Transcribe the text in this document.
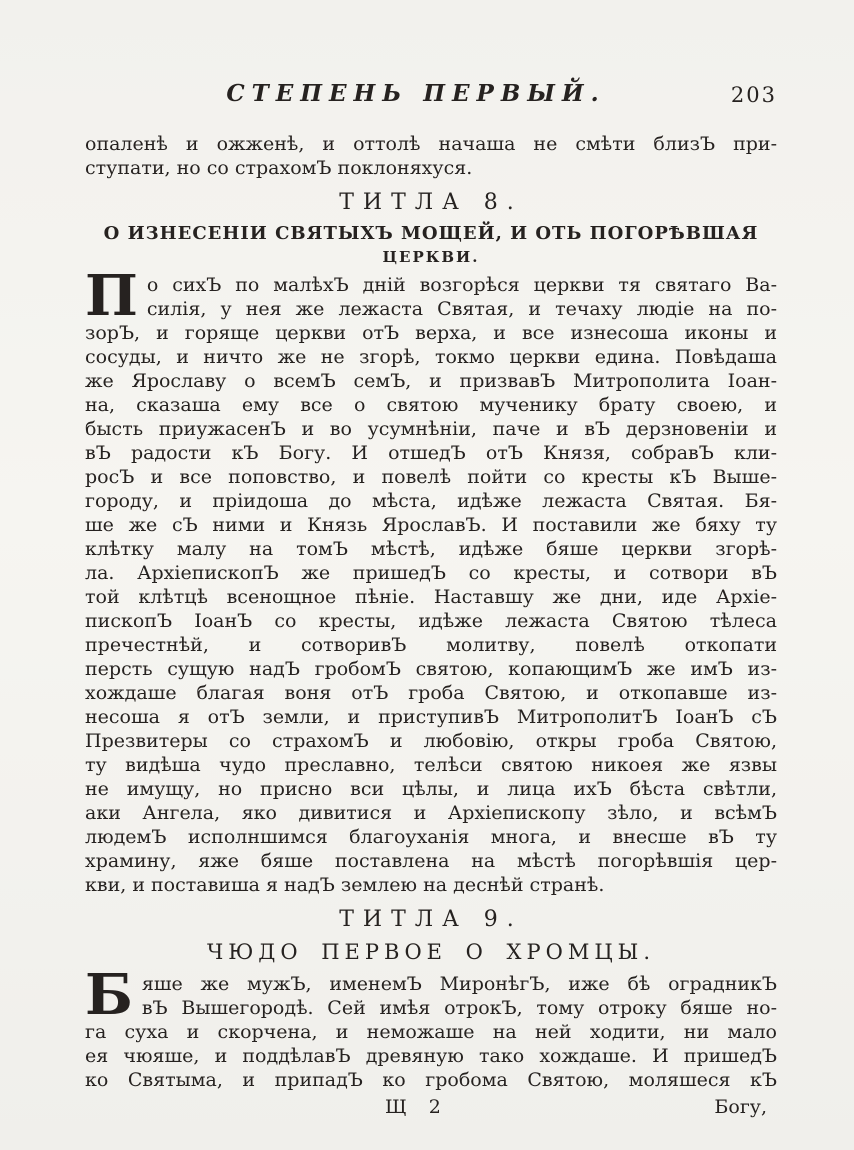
СТЕПЕНЬ ПЕРВЫЙ.	203
опаленѣ и ожженѣ, и оттолѣ начаша не смѣти близЪ при-
ступати, но со страхомЪ поклоняхуся.
ТИТЛА 8.
О ИЗНЕСЕНІИ СВЯТЫХЪ МОЩЕЙ, И ОТЬ ПОГОРѢВШАЯ
ЦЕРКВИ.
П о сихЪ по малѣхЪ дній возгорѣся церкви тя святаго Ва-
силія, у нея же лежаста Святая, и течаху людіе на по-
зорЪ, и горяще церкви отЪ верха, и все изнесоша иконы и
сосуды, и ничто же не згорѣ, токмо церкви едина. Повѣдаша
же Ярославу о всемЪ семЪ, и призвавЪ Митрополита Іоан-
на, сказаша ему все о святою мученику брату своею, и
бысть приужасенЪ и во усумнѣніи, паче и вЪ дерзновеніи и
вЪ радости кЪ Богу. И отшедЪ отЪ Князя, собравЪ кли-
росЪ и все поповство, и повелѣ пойти со кресты кЪ Выше-
городу, и пріидоша до мѣста, идѣже лежаста Святая. Бя-
ше же сЪ ними и Князь ЯрославЪ. И поставили же бяху ту
клѣтку малу на томЪ мѣстѣ, идѣже бяше церкви згорѣ-
ла. АрхіепископЪ же пришедЪ со кресты, и сотвори вЪ
той клѣтцѣ всенощное пѣніе. Наставшу же дни, иде Архіе-
пископЪ ІоанЪ со кресты, идѣже лежаста Святою тѣлеса
пречестнѣй, и сотворивЪ молитву, повелѣ откопати
персть сущую надЪ гробомЪ святою, копающимЪ же имЪ из-
хождаше благая воня отЪ гроба Святою, и откопавше из-
несоша я отЪ земли, и приступивЪ МитрополитЪ ІоанЪ сЪ
Презвитеры со страхомЪ и любовію, откры гроба Святою,
ту видѣша чудо преславно, телѣси святою никоея же язвы
не имущу, но присно вси цѣлы, и лица ихЪ бѣста свѣтли,
аки Ангела, яко дивитися и Архіепископу зѣло, и всѣмЪ
людемЪ исполншимся благоуханія многа, и внесше вЪ ту
храмину, яже бяше поставлена на мѣстѣ погорѣвшія цер-
кви, и поставиша я надЪ землею на деснѣй странѣ.
ТИТЛА 9.
ЧЮДО ПЕРВОЕ О ХРОМЦЫ.
Б яше же мужЪ, именемЪ МиронѣгЪ, иже бѣ оградникЪ
вЪ Вышегородѣ. Сей имѣя отрокЪ, тому отроку бяше но-
га суха и скорчена, и неможаше на ней ходити, ни мало
ея чюяше, и поддѣлавЪ древяную тако хождаше. И пришедЪ
ко Святыма, и припадЪ ко гробома Святою, моляшеся кЪ
Щ 2	Богу,
